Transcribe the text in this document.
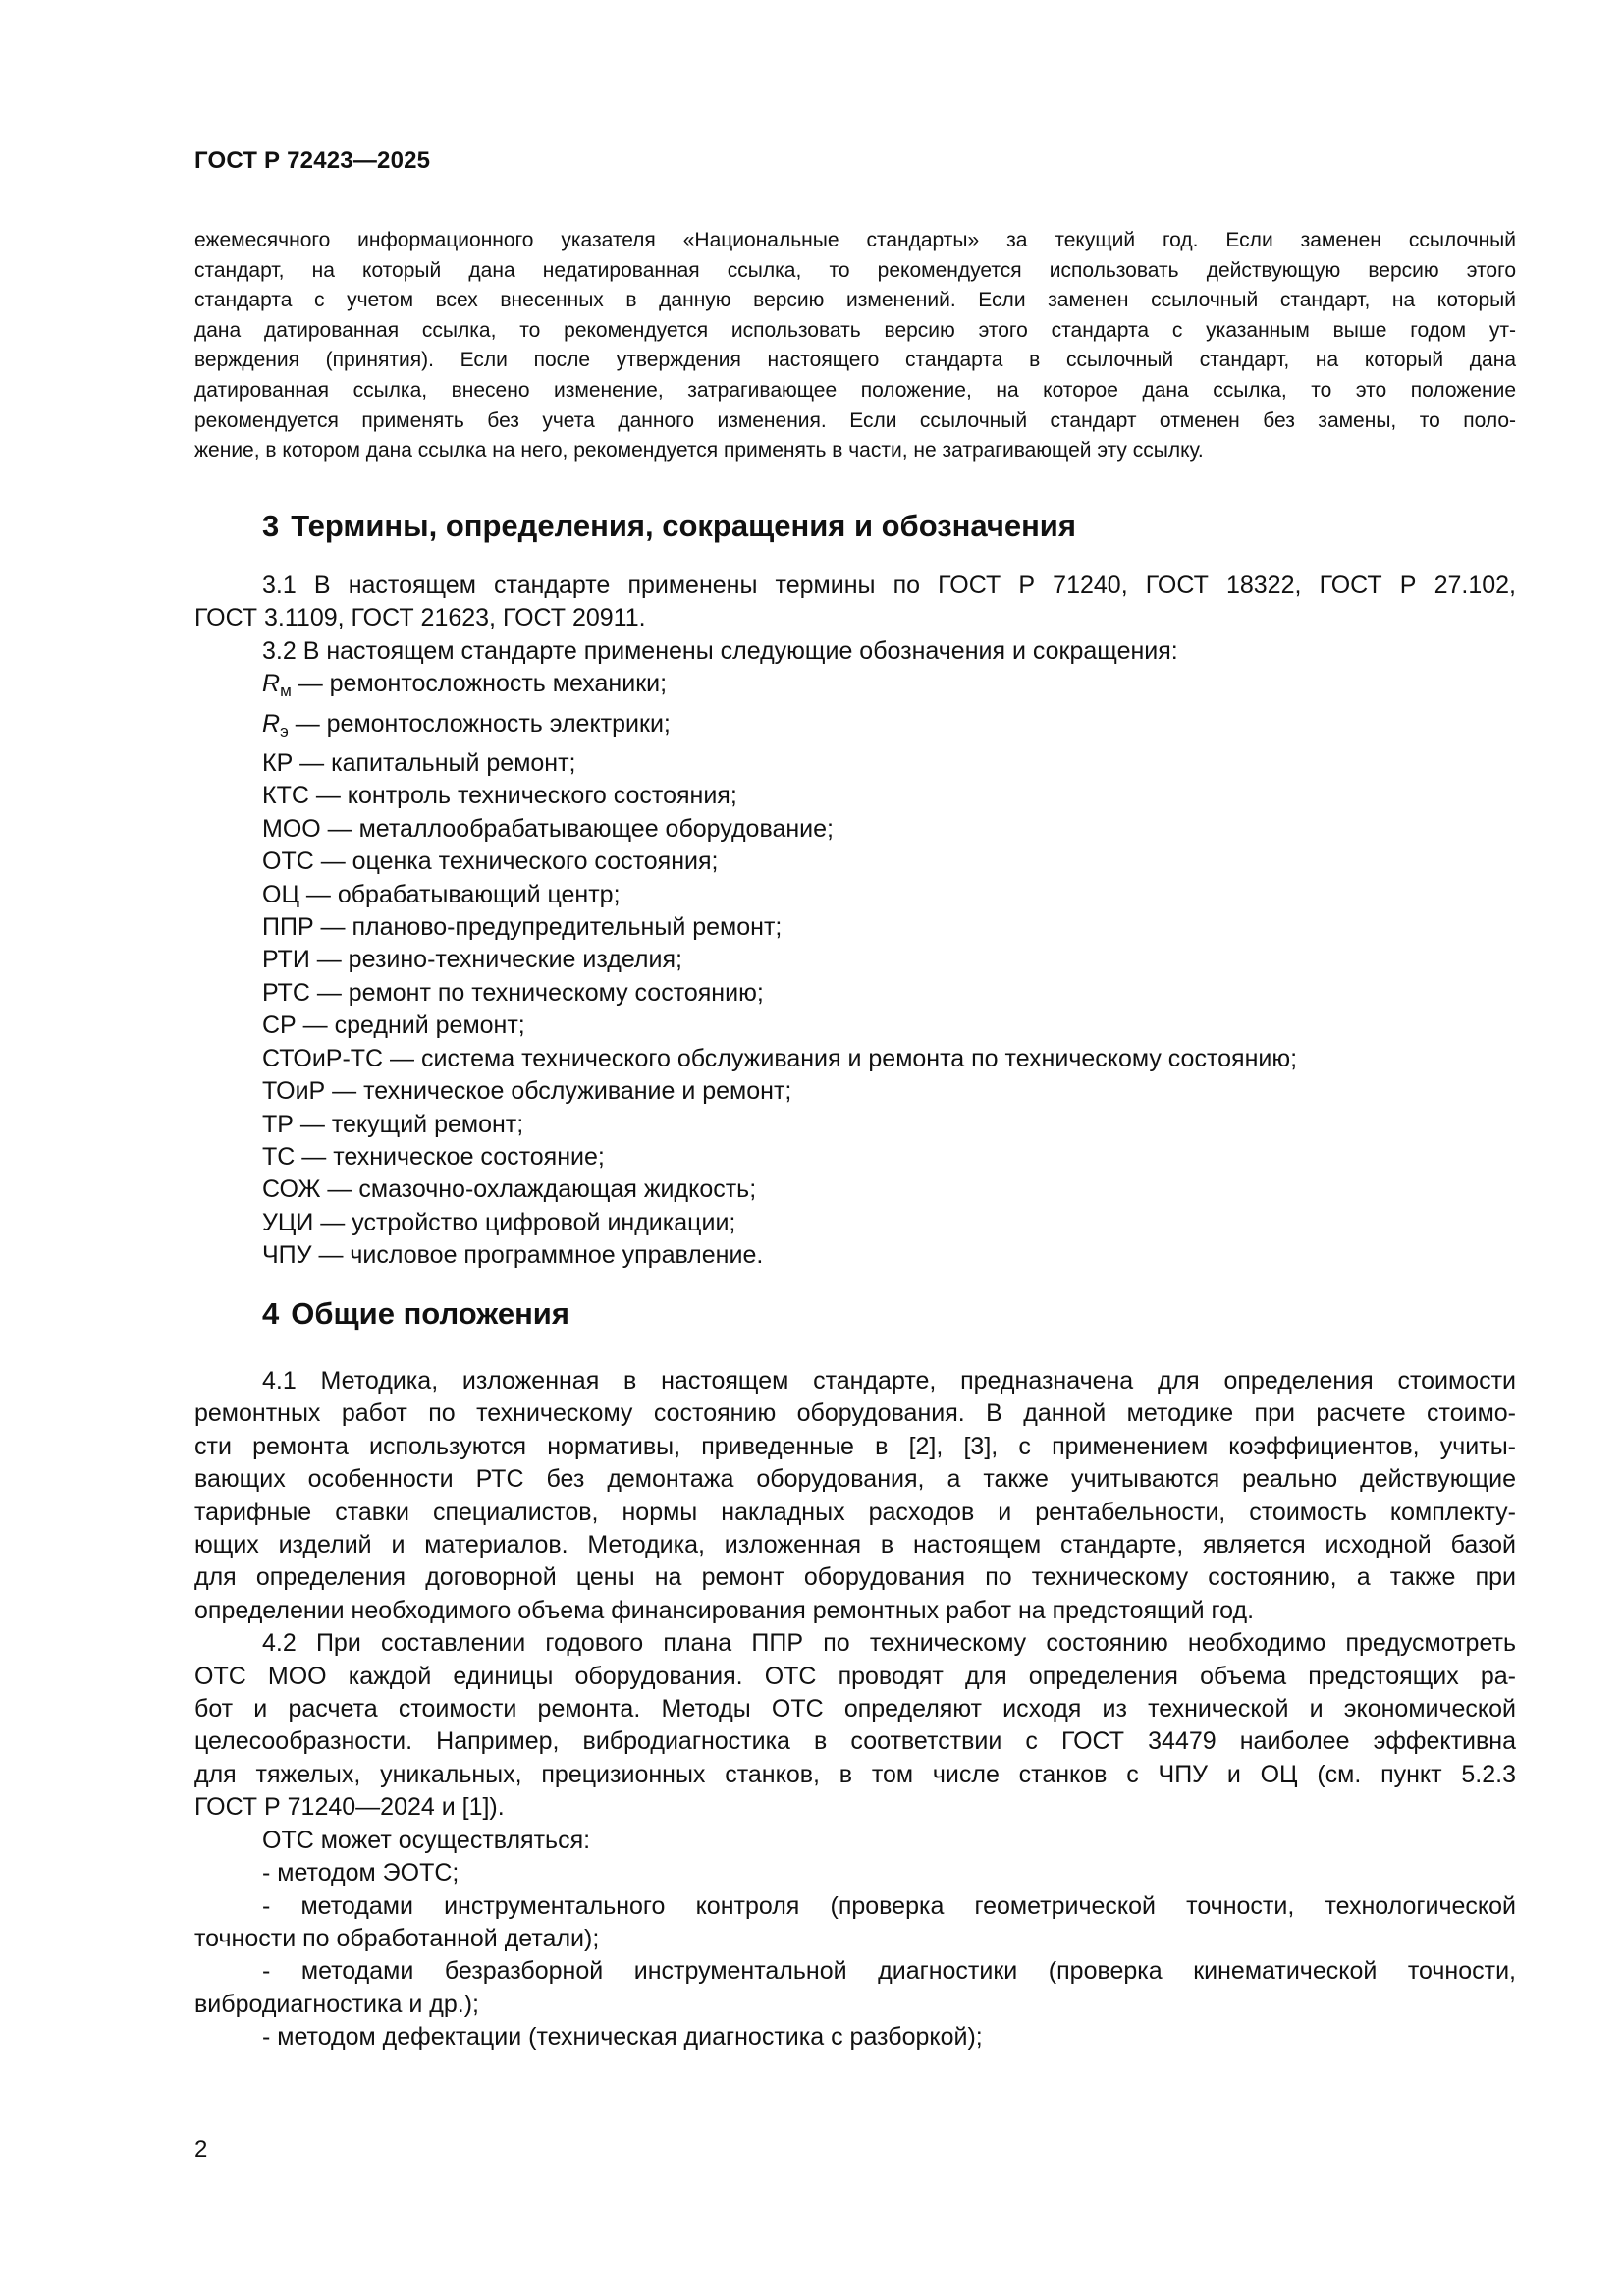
ГОСТ Р 72423—2025
ежемесячного информационного указателя «Национальные стандарты» за текущий год. Если заменен ссылочный
стандарт, на который дана недатированная ссылка, то рекомендуется использовать действующую версию этого
стандарта с учетом всех внесенных в данную версию изменений. Если заменен ссылочный стандарт, на который
дана датированная ссылка, то рекомендуется использовать версию этого стандарта с указанным выше годом ут-
верждения (принятия). Если после утверждения настоящего стандарта в ссылочный стандарт, на который дана
датированная ссылка, внесено изменение, затрагивающее положение, на которое дана ссылка, то это положение
рекомендуется применять без учета данного изменения. Если ссылочный стандарт отменен без замены, то поло-
жение, в котором дана ссылка на него, рекомендуется применять в части, не затрагивающей эту ссылку.
3 Термины, определения, сокращения и обозначения
3.1 В настоящем стандарте применены термины по ГОСТ Р 71240, ГОСТ 18322, ГОСТ Р 27.102,
ГОСТ 3.1109, ГОСТ 21623, ГОСТ 20911.
3.2 В настоящем стандарте применены следующие обозначения и сокращения:
$R_м$ — ремонтосложность механики;
$R_э$ — ремонтосложность электрики;
КР — капитальный ремонт;
КТС — контроль технического состояния;
МОО — металлообрабатывающее оборудование;
ОТС — оценка технического состояния;
ОЦ — обрабатывающий центр;
ППР — планово-предупредительный ремонт;
РТИ — резино-технические изделия;
РТС — ремонт по техническому состоянию;
СР — средний ремонт;
СТОиР-ТС — система технического обслуживания и ремонта по техническому состоянию;
ТОиР — техническое обслуживание и ремонт;
ТР — текущий ремонт;
ТС — техническое состояние;
СОЖ — смазочно-охлаждающая жидкость;
УЦИ — устройство цифровой индикации;
ЧПУ — числовое программное управление.
4 Общие положения
4.1 Методика, изложенная в настоящем стандарте, предназначена для определения стоимости
ремонтных работ по техническому состоянию оборудования. В данной методике при расчете стоимо-
сти ремонта используются нормативы, приведенные в [2], [3], с применением коэффициентов, учиты-
вающих особенности РТС без демонтажа оборудования, а также учитываются реально действующие
тарифные ставки специалистов, нормы накладных расходов и рентабельности, стоимость комплекту-
ющих изделий и материалов. Методика, изложенная в настоящем стандарте, является исходной базой
для определения договорной цены на ремонт оборудования по техническому состоянию, а также при
определении необходимого объема финансирования ремонтных работ на предстоящий год.
4.2 При составлении годового плана ППР по техническому состоянию необходимо предусмотреть
ОТС МОО каждой единицы оборудования. ОТС проводят для определения объема предстоящих ра-
бот и расчета стоимости ремонта. Методы ОТС определяют исходя из технической и экономической
целесообразности. Например, вибродиагностика в соответствии с ГОСТ 34479 наиболее эффективна
для тяжелых, уникальных, прецизионных станков, в том числе станков с ЧПУ и ОЦ (см. пункт 5.2.3
ГОСТ Р 71240—2024 и [1]).
ОТС может осуществляться:
- методом ЭОТС;
- методами инструментального контроля (проверка геометрической точности, технологической
точности по обработанной детали);
- методами безразборной инструментальной диагностики (проверка кинематической точности,
вибродиагностика и др.);
- методом дефектации (техническая диагностика с разборкой);
2
